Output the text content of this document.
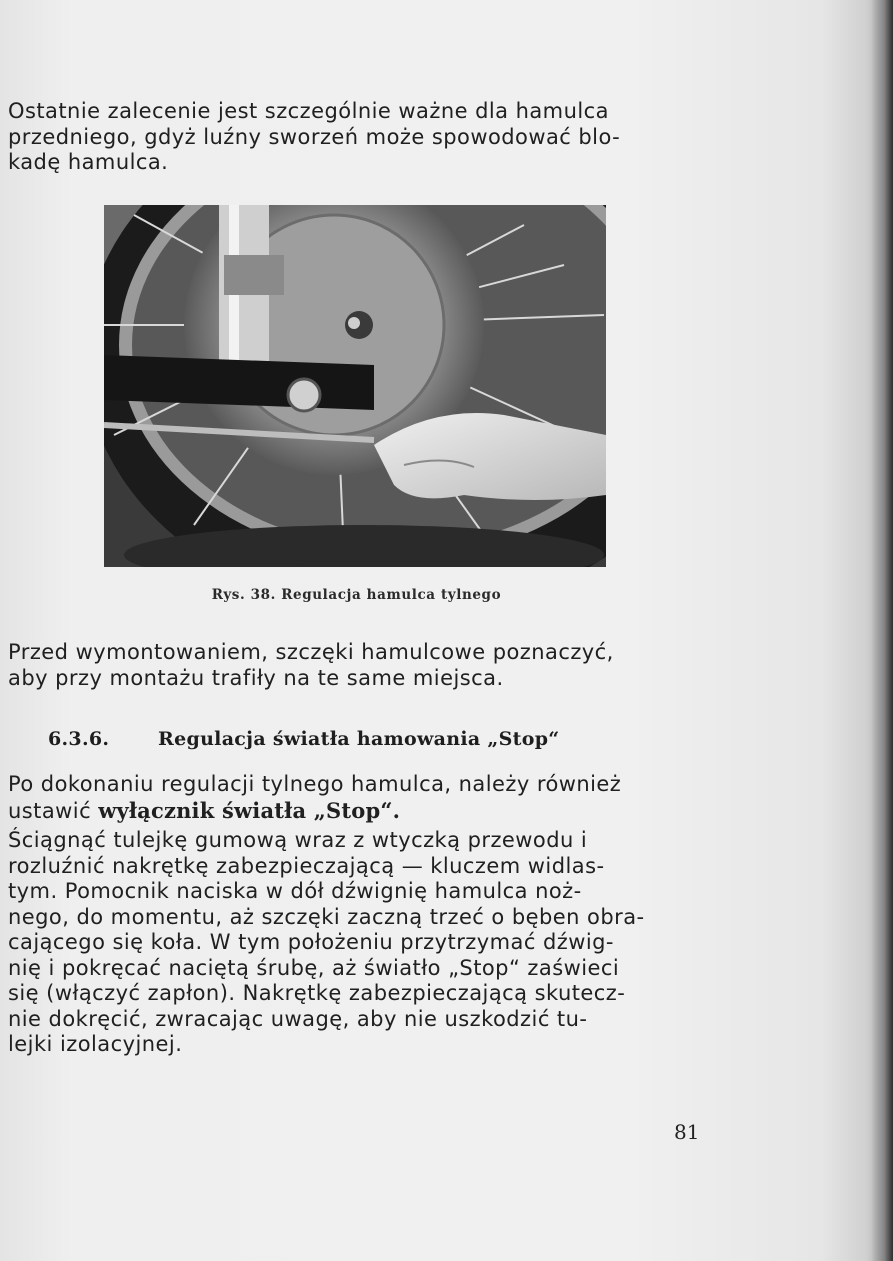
Ostatnie zalecenie jest szczególnie ważne dla hamulca

przedniego, gdyż luźny sworzeń może spowodować blo-

kadę hamulca.

Rys. 38. Regulacja hamulca tylnego

Przed wymontowaniem, szczęki hamulcowe poznaczyć,

aby przy montażu trafiły na te same miejsca.

6.3.6.	Regulacja światła hamowania „Stop“

Po dokonaniu regulacji tylnego hamulca, należy również

ustawić wyłącznik światła „Stop“.

Ściągnąć tulejkę gumową wraz z wtyczką przewodu i

rozluźnić nakrętkę zabezpieczającą — kluczem widlas-

tym. Pomocnik naciska w dół dźwignię hamulca noż-

nego, do momentu, aż szczęki zaczną trzeć o bęben obra-

cającego się koła. W tym położeniu przytrzymać dźwig-

nię i pokręcać naciętą śrubę, aż światło „Stop“ zaświeci

się (włączyć zapłon). Nakrętkę zabezpieczającą skutecz-

nie dokręcić, zwracając uwagę, aby nie uszkodzić tu-

lejki izolacyjnej.

81
